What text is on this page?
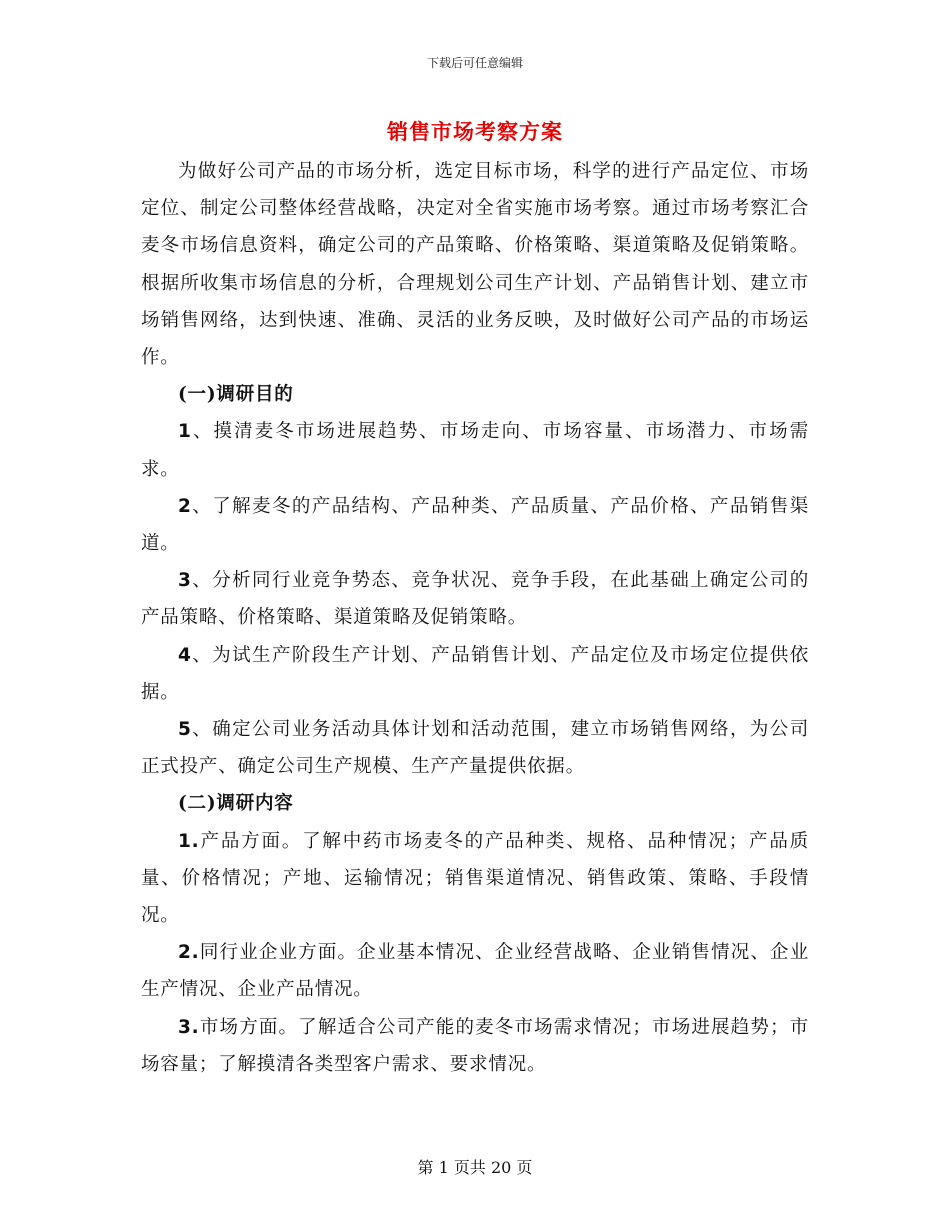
下载后可任意编辑
销售市场考察方案

为做好公司产品的市场分析，选定目标市场，科学的进行产品定位、市场定位、制定公司整体经营战略，决定对全省实施市场考察。通过市场考察汇合麦冬市场信息资料，确定公司的产品策略、价格策略、渠道策略及促销策略。根据所收集市场信息的分析，合理规划公司生产计划、产品销售计划、建立市场销售网络，达到快速、准确、灵活的业务反映，及时做好公司产品的市场运作。

(一)调研目的

1、摸清麦冬市场进展趋势、市场走向、市场容量、市场潜力、市场需求。

2、了解麦冬的产品结构、产品种类、产品质量、产品价格、产品销售渠道。

3、分析同行业竞争势态、竞争状况、竞争手段，在此基础上确定公司的产品策略、价格策略、渠道策略及促销策略。

4、为试生产阶段生产计划、产品销售计划、产品定位及市场定位提供依据。

5、确定公司业务活动具体计划和活动范围，建立市场销售网络，为公司正式投产、确定公司生产规模、生产产量提供依据。

(二)调研内容

1.产品方面。了解中药市场麦冬的产品种类、规格、品种情况；产品质量、价格情况；产地、运输情况；销售渠道情况、销售政策、策略、手段情况。

2.同行业企业方面。企业基本情况、企业经营战略、企业销售情况、企业生产情况、企业产品情况。

3.市场方面。了解适合公司产能的麦冬市场需求情况；市场进展趋势；市场容量；了解摸清各类型客户需求、要求情况。

第 1 页共 20 页
